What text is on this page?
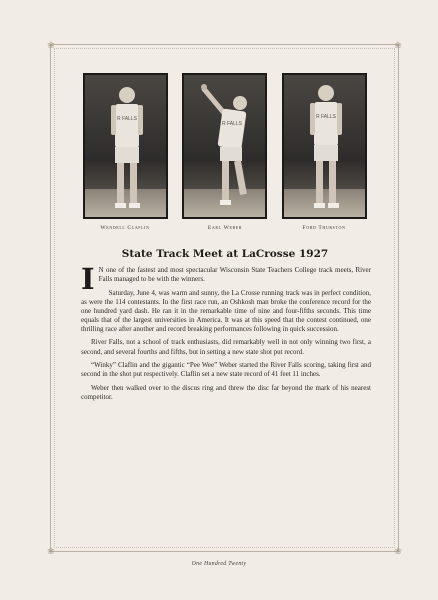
❀	❀
❀	❀
R FALLS
R FALLS
R FALLS
Wendell Claflin	Earl Weber	Ford Thurston
State Track Meet at LaCrosse 1927

I N one of the fastest and most spectacular Wisconsin State Teachers College track meets, River Falls managed to be with the winners.

Saturday, June 4, was warm and sunny, the La Crosse running track was in perfect condition, as were the 114 contestants. In the first race run, an Oshkosh man broke the conference record for the one hundred yard dash. He ran it in the remarkable time of nine and four-fifths seconds. This time equals that of the largest universities in America. It was at this speed that the contest continued, one thrilling race after another and record breaking performances following in quick succession.

River Falls, not a school of track enthusiasts, did remarkably well in not only winning two first, a second, and several fourths and fifths, but in setting a new state shot put record.

“Winky” Claflin and the gigantic “Pee Wee” Weber started the River Falls scoring, taking first and second in the shot put respectively. Claflin set a new state record of 41 feet 11 inches.

Weber then walked over to the discus ring and threw the disc far beyond the mark of his nearest competitor.

One Hundred Twenty
